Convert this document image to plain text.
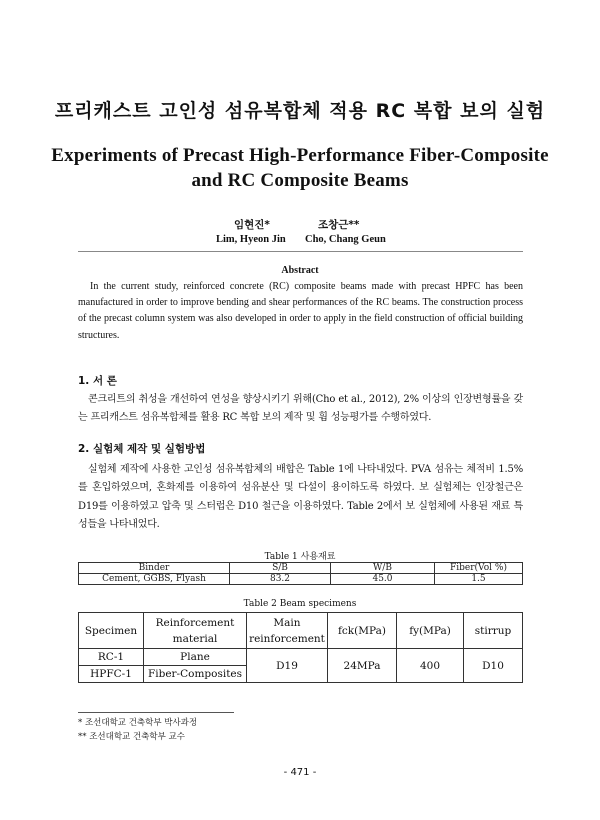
프리캐스트 고인성 섬유복합체 적용 RC 복합 보의 실험
Experiments of Precast High-Performance Fiber-Composite
and RC Composite Beams
임현진*	조창근**
Lim, Hyeon Jin Cho, Chang Geun
Abstract
In the current study, reinforced concrete (RC) composite beams made with precast HPFC has been manufactured in order to improve bending and shear performances of the RC beams. The construction process of the precast column system was also developed in order to apply in the field construction of official building structures.
1. 서 론
콘크리트의 취성을 개선하여 연성을 향상시키기 위해(Cho et al., 2012), 2% 이상의 인장변형률을 갖는 프리캐스트 섬유복합체를 활용 RC 복합 보의 제작 및 휨 성능평가를 수행하였다.
2. 실험체 제작 및 실험방법
실험체 제작에 사용한 고인성 섬유복합체의 배합은 Table 1에 나타내었다. PVA 섬유는 체적비 1.5%를 혼입하였으며, 혼화제를 이용하여 섬유분산 및 다설이 용이하도록 하였다. 보 실험체는 인장철근은 D19를 이용하였고 압축 및 스터럽은 D10 철근을 이용하였다. Table 2에서 보 실험체에 사용된 재료 특성들을 나타내었다.
Table 1 사용재료
Binder	S/B	W/B	Fiber(Vol %)
Cement, GGBS, Flyash	83.2	45.0	1.5
Table 2 Beam specimens
Specimen	Reinforcement material	Main reinforcement	fck(MPa)	fy(MPa)	stirrup
RC-1	Plane	D19	24MPa	400	D10
HPFC-1	Fiber-Composites				
* 조선대학교 건축학부 박사과정
** 조선대학교 건축학부 교수
- 471 -
